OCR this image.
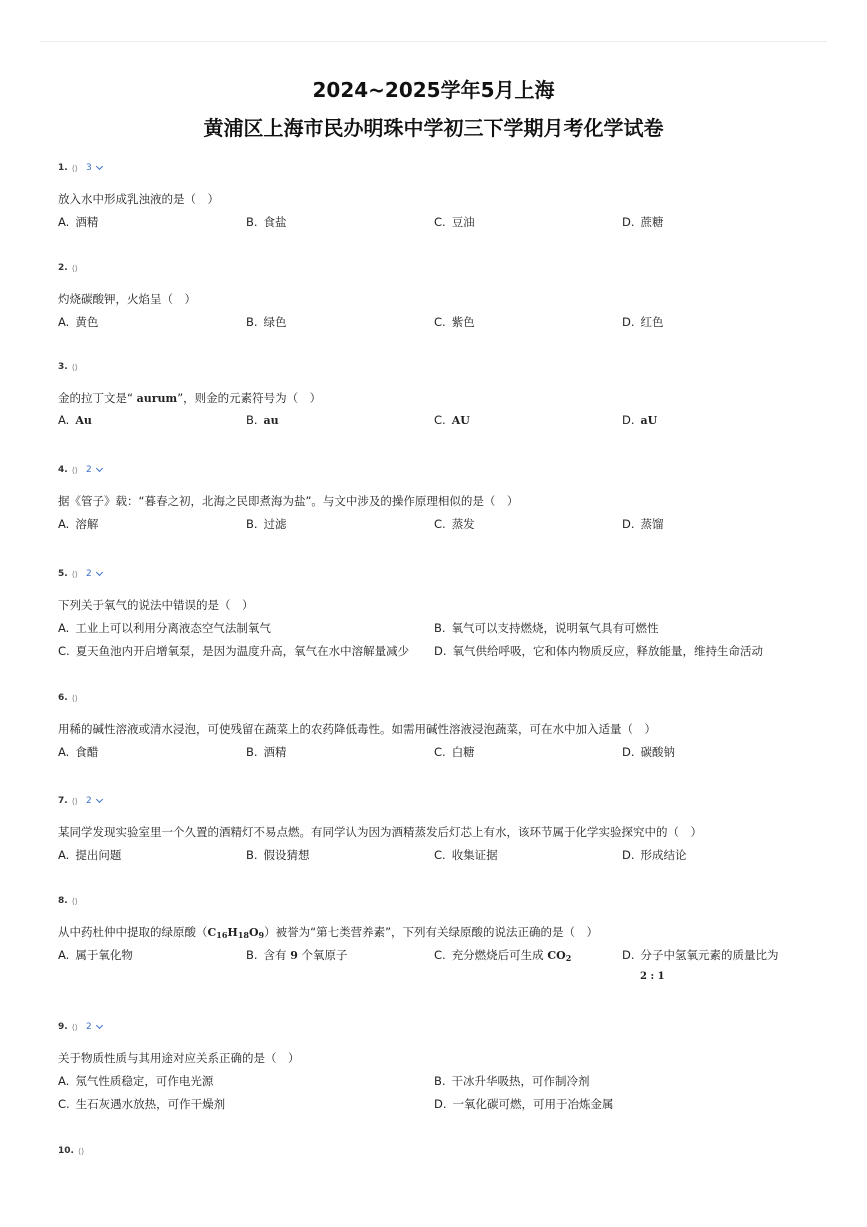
2024~2025学年5月上海
黄浦区上海市民办明珠中学初三下学期月考化学试卷
1. ⟨⟩ 3
放入水中形成乳浊液的是（　）
A. 酒精	B. 食盐	C. 豆油	D. 蔗糖
2. ⟨⟩
灼烧碳酸钾，火焰呈（　）
A. 黄色	B. 绿色	C. 紫色	D. 红色
3. ⟨⟩
金的拉丁文是“ aurum”，则金的元素符号为（　）
A. Au	B. au	C. AU	D. aU
4. ⟨⟩ 2
据《管子》载：“暮春之初，北海之民即煮海为盐”。与文中涉及的操作原理相似的是（　）
A. 溶解	B. 过滤	C. 蒸发	D. 蒸馏
5. ⟨⟩ 2
下列关于氧气的说法中错误的是（　）
A. 工业上可以利用分离液态空气法制氧气	B. 氧气可以支持燃烧，说明氧气具有可燃性
C. 夏天鱼池内开启增氧泵，是因为温度升高，氧气在水中溶解量减少 D. 氧气供给呼吸，它和体内物质反应，释放能量，维持生命活动
6. ⟨⟩
用稀的碱性溶液或清水浸泡，可使残留在蔬菜上的农药降低毒性。如需用碱性溶液浸泡蔬菜，可在水中加入适量（　）
A. 食醋	B. 酒精	C. 白糖	D. 碳酸钠
7. ⟨⟩ 2
某同学发现实验室里一个久置的酒精灯不易点燃。有同学认为因为酒精蒸发后灯芯上有水，该环节属于化学实验探究中的（　）
A. 提出问题	B. 假设猜想	C. 收集证据	D. 形成结论
8. ⟨⟩
从中药杜仲中提取的绿原酸$(C_{16}H_{18}O_9)$被誉为“第七类营养素”，下列有关绿原酸的说法正确的是（　）
A. 属于氧化物	B. 含有 9 个氧原子	C. 充分燃烧后可生成 $CO_2$	D. 分子中氢氧元素的质量比为
2 : 1
9. ⟨⟩ 2
关于物质性质与其用途对应关系正确的是（　）
A. 氖气性质稳定，可作电光源	B. 干冰升华吸热，可作制冷剂
C. 生石灰遇水放热，可作干燥剂	D. 一氧化碳可燃，可用于冶炼金属
10. ⟨⟩
